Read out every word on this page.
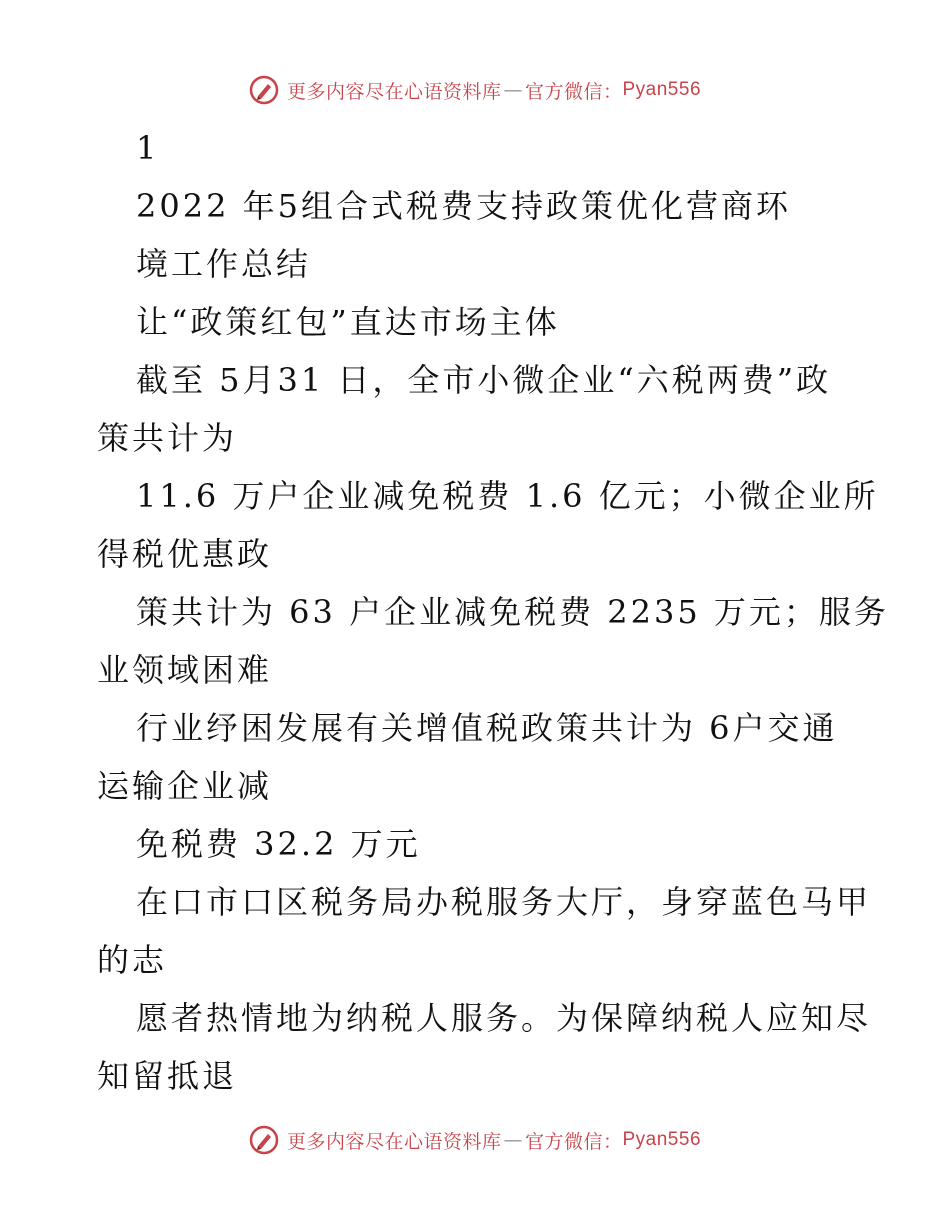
更多内容尽在心语资料库 — 官方微信： Pyan556
1
2022 年5组合式税费支持政策优化营商环
境工作总结
让“政策红包”直达市场主体
截至 5月31 日，全市小微企业“六税两费”政
策共计为
11.6 万户企业减免税费 1.6 亿元；小微企业所
得税优惠政
策共计为 63 户企业减免税费 2235 万元；服务
业领域困难
行业纾困发展有关增值税政策共计为 6户交通
运输企业减
免税费 32.2 万元
在口市口区税务局办税服务大厅，身穿蓝色马甲
的志
愿者热情地为纳税人服务。为保障纳税人应知尽
知留抵退
更多内容尽在心语资料库 — 官方微信： Pyan556
